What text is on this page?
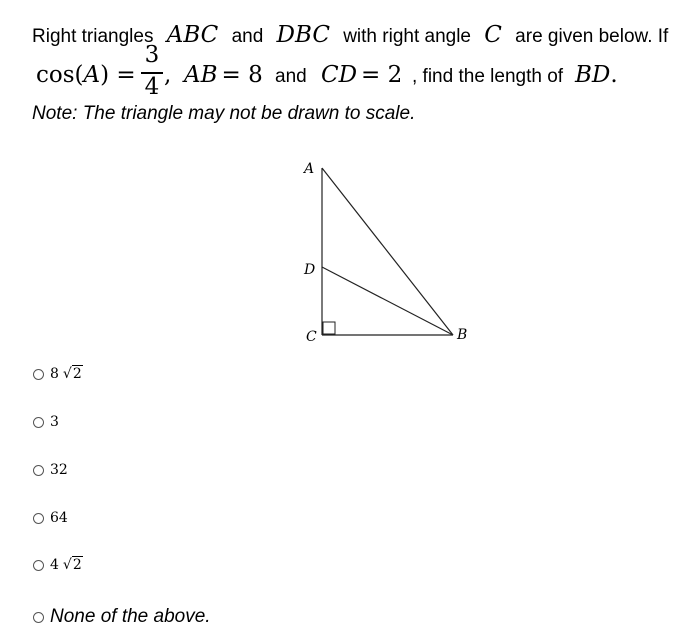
Right triangles ABC and DBC with right angle C are given below. If
cos(A) =
3
4 , AB = 8 and CD = 2 , find the length of BD.
Note: The triangle may not be drawn to scale.
A
D
C	B
8 √2
3
32
64
4 √2
None of the above.
